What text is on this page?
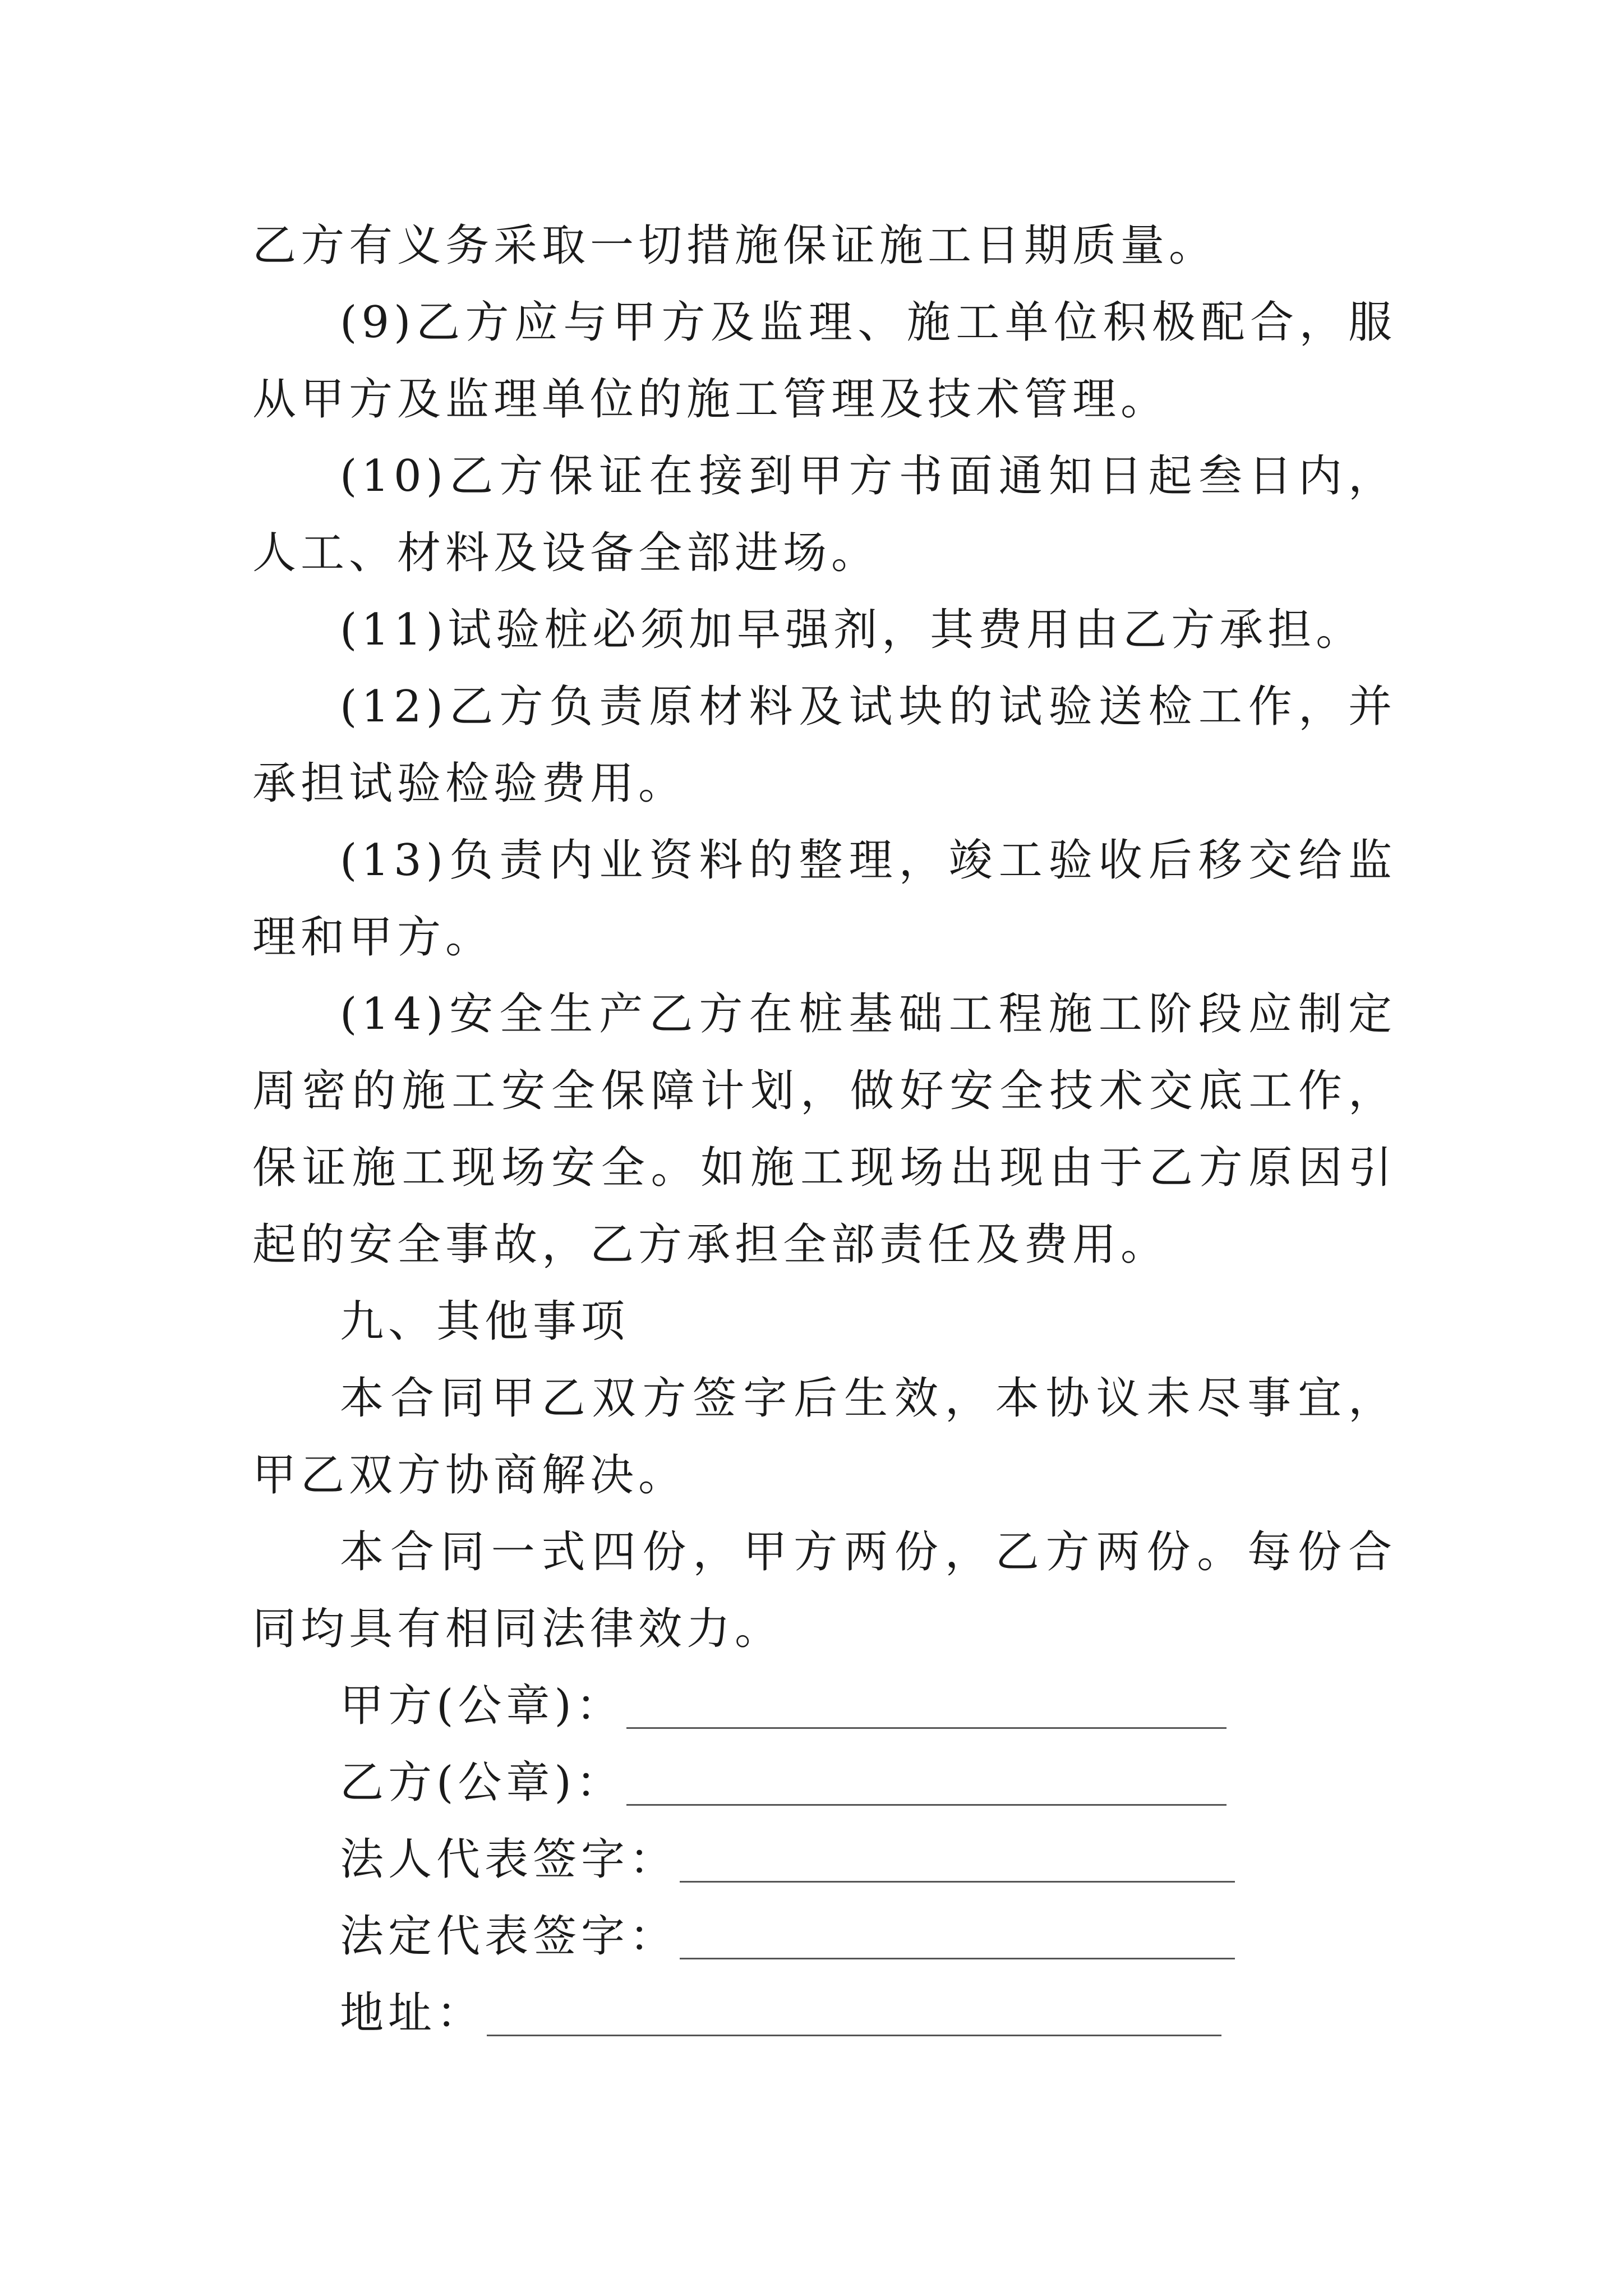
乙方有义务采取一切措施保证施工日期质量。

(9)乙方应与甲方及监理、施工单位积极配合，服从甲方及监理单位的施工管理及技术管理。

(10)乙方保证在接到甲方书面通知日起叁日内，人工、材料及设备全部进场。

(11)试验桩必须加早强剂，其费用由乙方承担。

(12)乙方负责原材料及试块的试验送检工作，并承担试验检验费用。

(13)负责内业资料的整理，竣工验收后移交给监理和甲方。

(14)安全生产乙方在桩基础工程施工阶段应制定周密的施工安全保障计划，做好安全技术交底工作，保证施工现场安全。如施工现场出现由于乙方原因引起的安全事故，乙方承担全部责任及费用。

九、其他事项

本合同甲乙双方签字后生效，本协议未尽事宜，甲乙双方协商解决。

本合同一式四份，甲方两份，乙方两份。每份合同均具有相同法律效力。

甲方(公章)：
乙方(公章)：
法人代表签字：
法定代表签字：
地址：
